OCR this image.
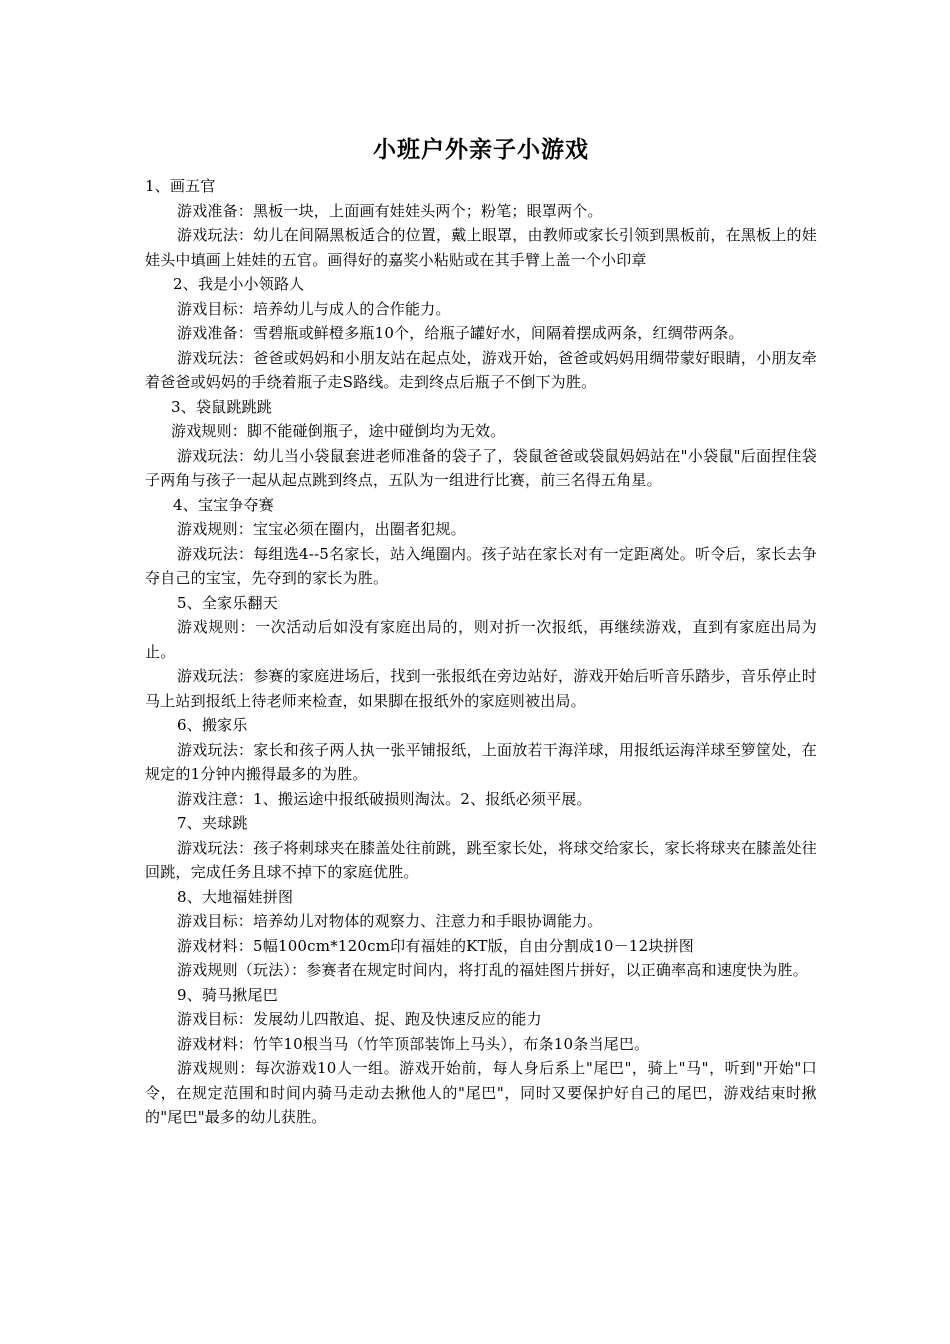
小班户外亲子小游戏

1、画五官

游戏准备：黑板一块，上面画有娃娃头两个；粉笔；眼罩两个。

游戏玩法：幼儿在间隔黑板适合的位置，戴上眼罩，由教师或家长引领到黑板前，在黑板上的娃娃头中填画上娃娃的五官。画得好的嘉奖小粘贴或在其手臂上盖一个小印章

2、我是小小领路人

游戏目标：培养幼儿与成人的合作能力。

游戏准备：雪碧瓶或鲜橙多瓶10个，给瓶子罐好水，间隔着摆成两条，红绸带两条。

游戏玩法：爸爸或妈妈和小朋友站在起点处，游戏开始，爸爸或妈妈用绸带蒙好眼睛，小朋友牵着爸爸或妈妈的手绕着瓶子走S路线。走到终点后瓶子不倒下为胜。

3、袋鼠跳跳跳

游戏规则：脚不能碰倒瓶子，途中碰倒均为无效。

游戏玩法：幼儿当小袋鼠套进老师准备的袋子了，袋鼠爸爸或袋鼠妈妈站在"小袋鼠"后面捏住袋子两角与孩子一起从起点跳到终点，五队为一组进行比赛，前三名得五角星。

4、宝宝争夺赛

游戏规则：宝宝必须在圈内，出圈者犯规。

游戏玩法：每组选4--5名家长，站入绳圈内。孩子站在家长对有一定距离处。听令后，家长去争夺自己的宝宝，先夺到的家长为胜。

5、全家乐翻天

游戏规则：一次活动后如没有家庭出局的，则对折一次报纸，再继续游戏，直到有家庭出局为止。

游戏玩法：参赛的家庭进场后，找到一张报纸在旁边站好，游戏开始后听音乐踏步，音乐停止时马上站到报纸上待老师来检查，如果脚在报纸外的家庭则被出局。

6、搬家乐

游戏玩法：家长和孩子两人执一张平铺报纸，上面放若干海洋球，用报纸运海洋球至箩筐处，在规定的1分钟内搬得最多的为胜。

游戏注意：1、搬运途中报纸破损则淘汰。2、报纸必须平展。

7、夹球跳

游戏玩法：孩子将刺球夹在膝盖处往前跳，跳至家长处，将球交给家长，家长将球夹在膝盖处往回跳，完成任务且球不掉下的家庭优胜。

8、大地福娃拼图

游戏目标：培养幼儿对物体的观察力、注意力和手眼协调能力。

游戏材料：5幅100cm*120cm印有福娃的KT版，自由分割成10－12块拼图

游戏规则（玩法）：参赛者在规定时间内，将打乱的福娃图片拼好，以正确率高和速度快为胜。

9、骑马揪尾巴

游戏目标：发展幼儿四散追、捉、跑及快速反应的能力

游戏材料：竹竿10根当马（竹竿顶部装饰上马头），布条10条当尾巴。

游戏规则：每次游戏10人一组。游戏开始前，每人身后系上"尾巴"，骑上"马"，听到"开始"口令，在规定范围和时间内骑马走动去揪他人的"尾巴"，同时又要保护好自己的尾巴，游戏结束时揪的"尾巴"最多的幼儿获胜。
